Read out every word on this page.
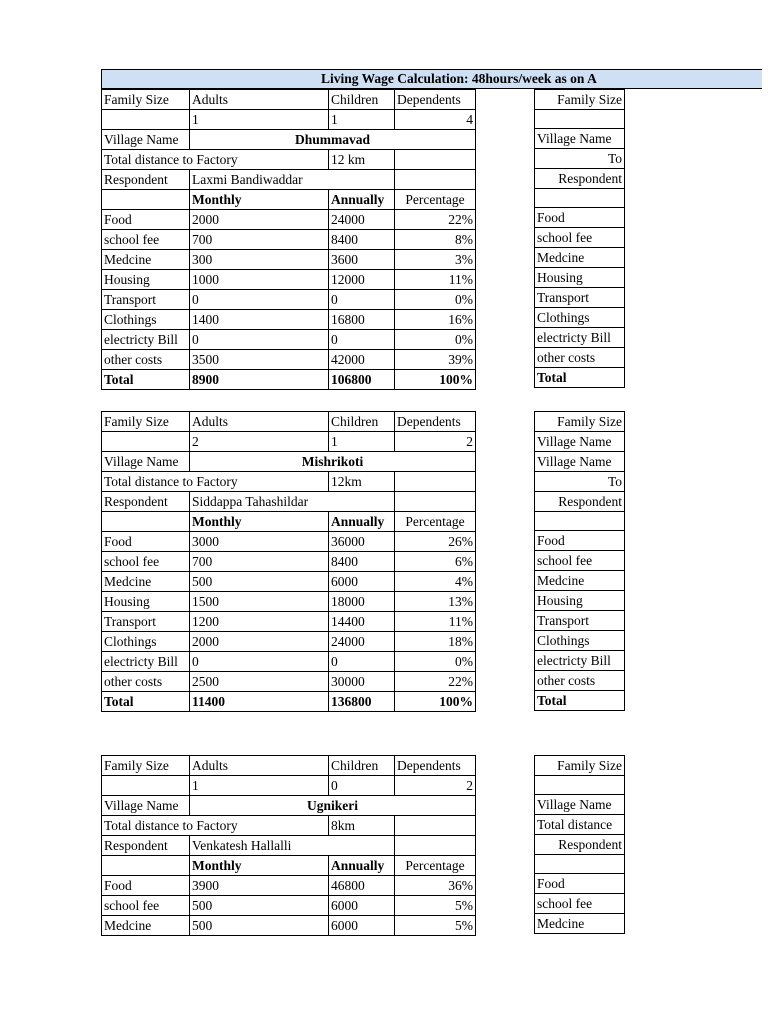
Living Wage Calculation: 48hours/week as on A
Family Size	Adults	Children	Dependents
	1	1	4
Village Name	Dhummavad		
Total distance to Factory		12 km	
Respondent	Laxmi Bandiwaddar		
	Monthly	Annually	Percentage
Food	2000	24000	22%
school fee	700	8400	8%
Medcine	300	3600	3%
Housing	1000	12000	11%
Transport	0	0	0%
Clothings	1400	16800	16%
electricty Bill	0	0	0%
other costs	3500	42000	39%
Total	8900	106800	100%
Family Size

Village Name
To
Respondent

Food
school fee
Medcine
Housing
Transport
Clothings
electricty Bill
other costs
Total
Family Size	Adults	Children	Dependents
	2	1	2
Village Name	Mishrikoti		
Total distance to Factory		12km	
Respondent	Siddappa Tahashildar		
	Monthly	Annually	Percentage
Food	3000	36000	26%
school fee	700	8400	6%
Medcine	500	6000	4%
Housing	1500	18000	13%
Transport	1200	14400	11%
Clothings	2000	24000	18%
electricty Bill	0	0	0%
other costs	2500	30000	22%
Total	11400	136800	100%
Family Size
Village Name
Village Name
To
Respondent

Food
school fee
Medcine
Housing
Transport
Clothings
electricty Bill
other costs
Total
Family Size	Adults	Children	Dependents
	1	0	2
Village Name	Ugnikeri		
Total distance to Factory		8km	
Respondent	Venkatesh Hallalli		
	Monthly	Annually	Percentage
Food	3900	46800	36%
school fee	500	6000	5%
Medcine	500	6000	5%
Family Size

Village Name
Total distance
Respondent

Food
school fee
Medcine
